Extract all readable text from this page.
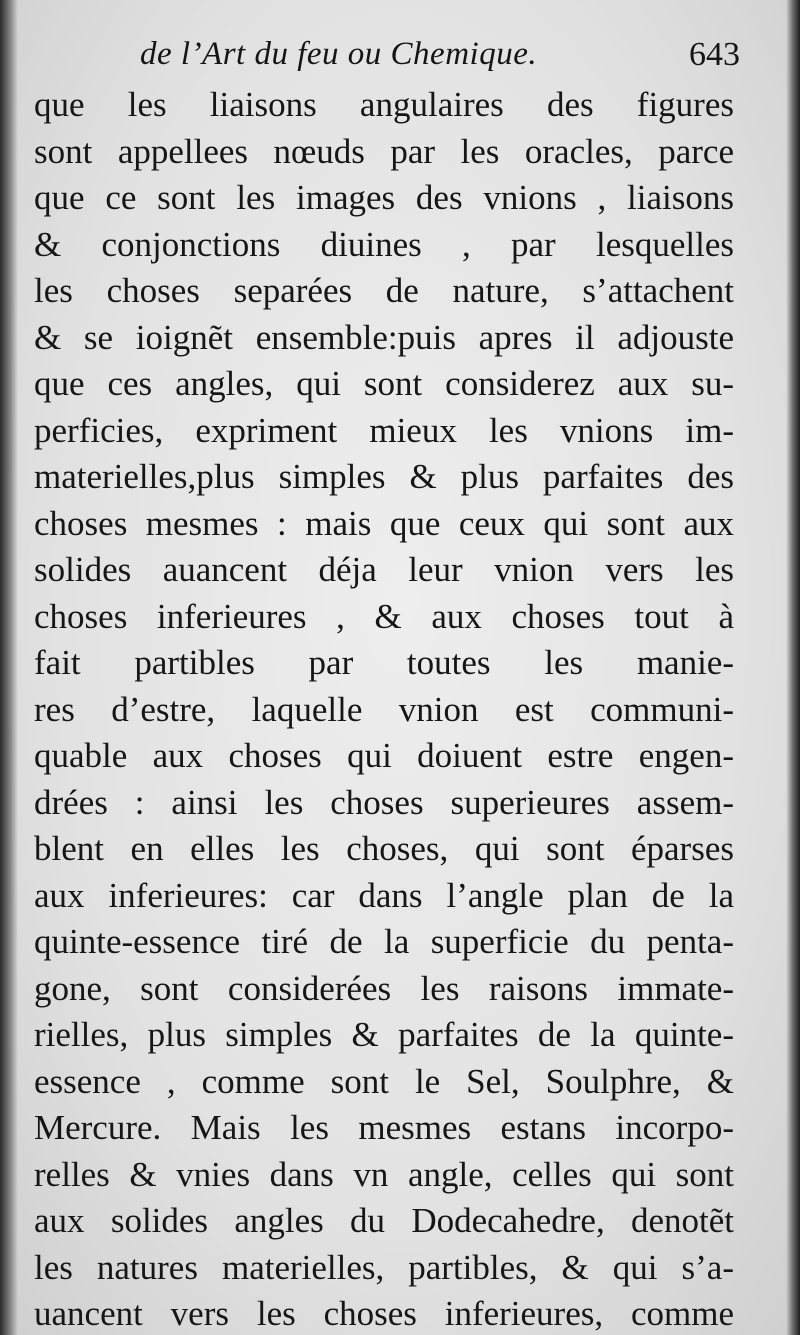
de l’Art du feu ou Chemique.	643
que les liaisons angulaires des figures
sont appellees nœuds par les oracles, parce
que ce sont les images des vnions , liaisons
& conjonctions diuines , par lesquelles
les choses separées de nature, s’attachent
& se ioignẽt ensemble:puis apres il adjouste
que ces angles, qui sont considerez aux su-
perficies, expriment mieux les vnions im-
materielles,plus simples & plus parfaites des
choses mesmes : mais que ceux qui sont aux
solides auancent déja leur vnion vers les
choses inferieures , & aux choses tout à
fait partibles par toutes les manie-
res d’estre, laquelle vnion est communi-
quable aux choses qui doiuent estre engen-
drées : ainsi les choses superieures assem-
blent en elles les choses, qui sont éparses
aux inferieures: car dans l’angle plan de la
quinte-essence tiré de la superficie du penta-
gone, sont considerées les raisons immate-
rielles, plus simples & parfaites de la quinte-
essence , comme sont le Sel, Soulphre, &
Mercure. Mais les mesmes estans incorpo-
relles & vnies dans vn angle, celles qui sont
aux solides angles du Dodecahedre, denotẽt
les natures materielles, partibles, & qui s’a-
uancent vers les choses inferieures, comme
